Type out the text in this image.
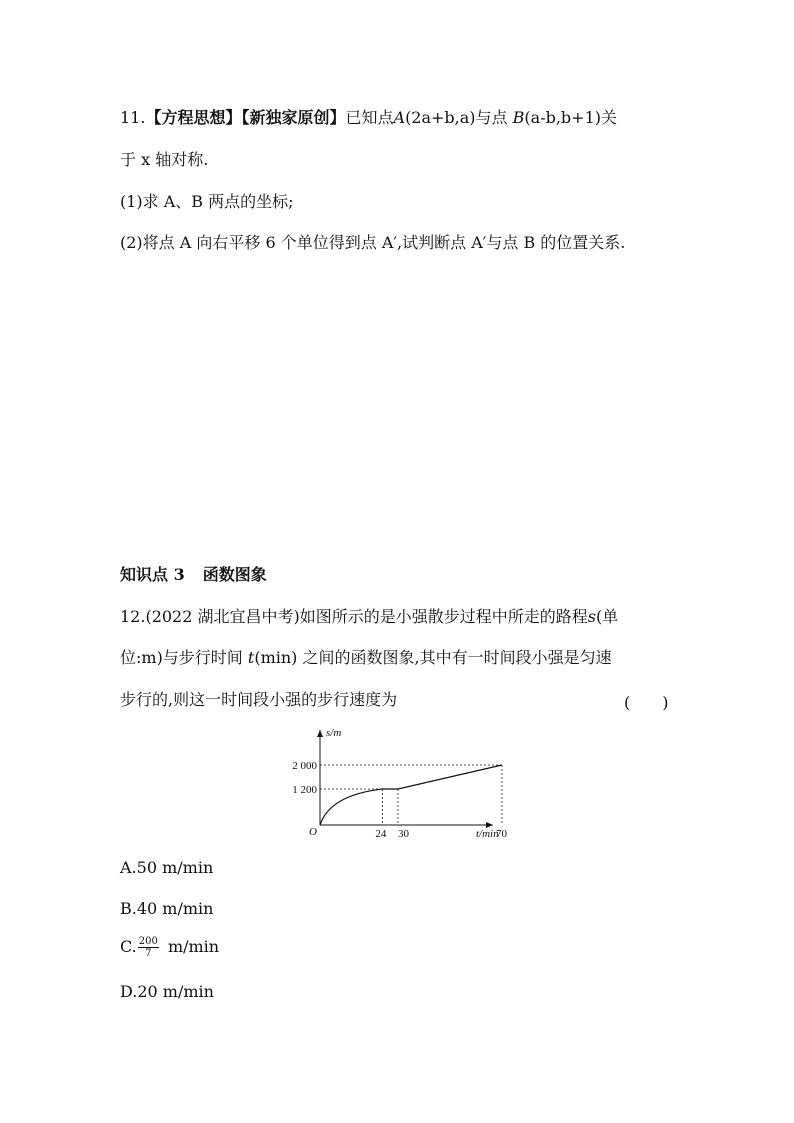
11.【方程思想】【新独家原创】已知点A(2a+b,a)与点 B(a-b,b+1)关
于 x 轴对称.
(1)求 A、B 两点的坐标;
(2)将点 A 向右平移 6 个单位得到点 A′,试判断点 A′与点 B 的位置关系.
知识点 3 函数图象
12.(2022 湖北宜昌中考)如图所示的是小强散步过程中所走的路程s(单
位:m)与步行时间 t(min) 之间的函数图象,其中有一时间段小强是匀速
步行的,则这一时间段小强的步行速度为	(　　)
s/m
t/min
O	24 30	70
1 200
2 000
A.50 m/min
B.40 m/min
C. $\frac{200}{7} m/\min$
D.20 m/min
